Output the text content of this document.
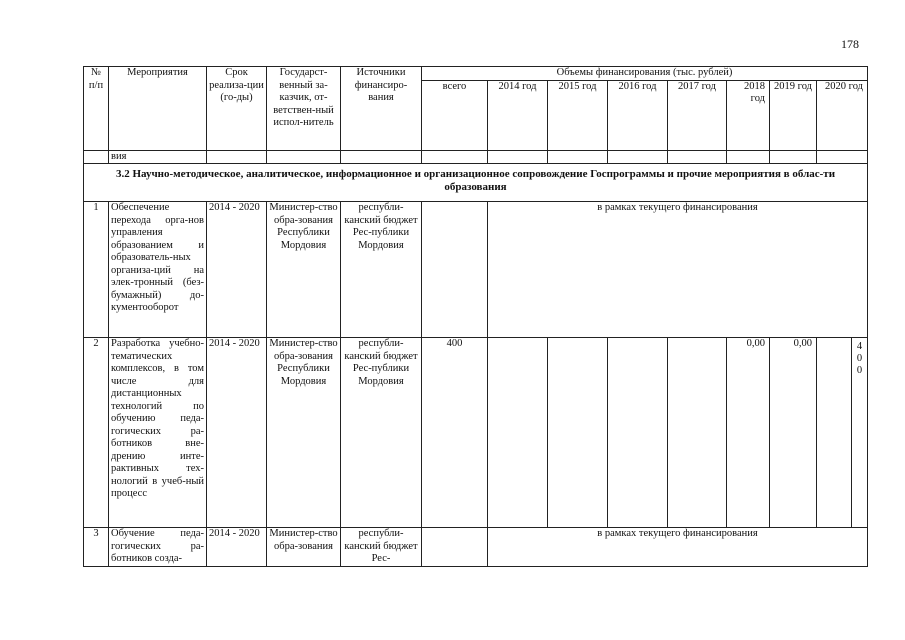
178
№ п/п	Мероприятия	Срок реализа-ции (го-ды)	Государст-венный за-казчик, от-ветствен-ный испол-нитель	Источники финансиро-вания	Объемы финансирования (тыс. рублей)								
					всего	2014 год	2015 год	2016 год	2017 год	2018 год	2019 год	2020 год	
	вия												
3.2 Научно-методическое, аналитическое, информационное и организационное сопровождение Госпрограммы и прочие мероприятия в облас-ти образования													
1	Обеспечение перехода орга-нов управления образованием и образователь-ных организа-ций на элек-тронный (без-бумажный) до-кументооборот	2014 - 2020	Министер-ство обра-зования Республики Мордовия	республи-канский бюджет Рес-публики Мордовия		в рамках текущего финансирования							
2	Разработка учебно-тематических комплексов, в том числе для дистанционных технологий по обучению педа-гогических ра-ботников вне-дрению инте-рактивных тех-нологий в учеб-ный процесс	2014 - 2020	Министер-ство обра-зования Республики Мордовия	республи-канский бюджет Рес-публики Мордовия	400					0,00	0,00		4
0
0

3	Обучение педа-гогических ра-ботников созда-	2014 - 2020	Министер-ство обра-зования	республи-канский бюджет Рес-		в рамках текущего финансирования							
